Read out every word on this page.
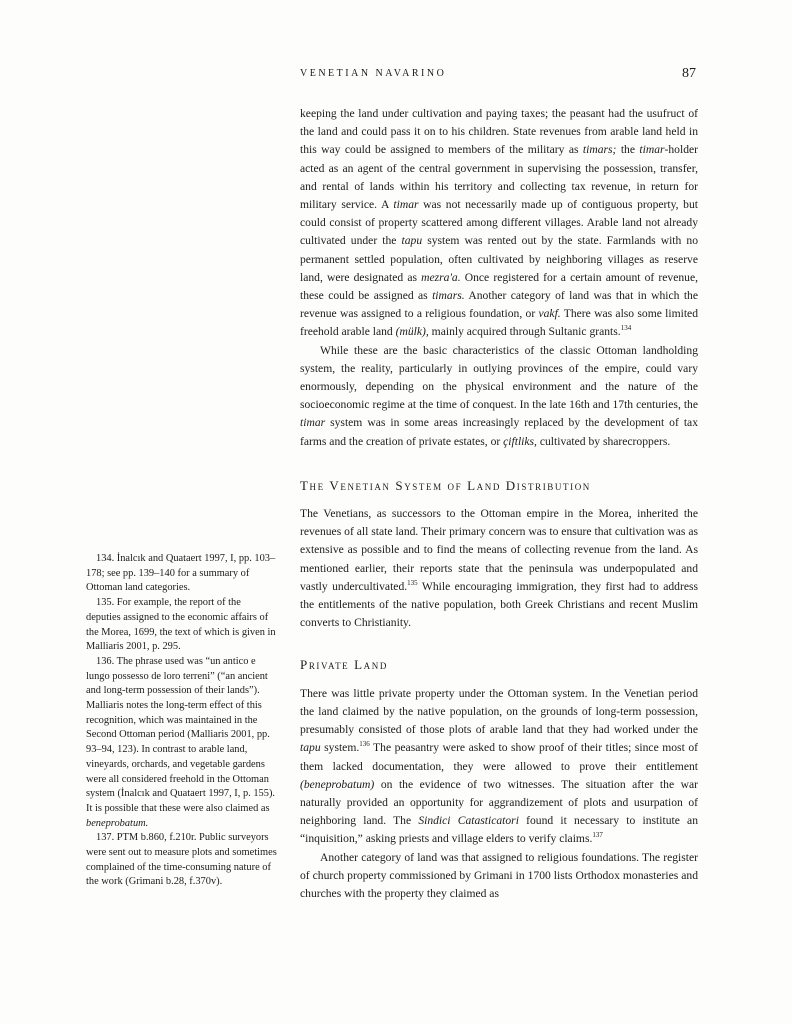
VENETIAN NAVARINO	87

keeping the land under cultivation and paying taxes; the peasant had the usufruct of the land and could pass it on to his children. State revenues from arable land held in this way could be assigned to members of the military as timars; the timar-holder acted as an agent of the central government in supervising the possession, transfer, and rental of lands within his territory and collecting tax revenue, in return for military service. A timar was not necessarily made up of contiguous property, but could consist of property scattered among different villages. Arable land not already cultivated under the tapu system was rented out by the state. Farmlands with no permanent settled population, often cultivated by neighboring villages as reserve land, were designated as mezra'a. Once registered for a certain amount of revenue, these could be assigned as timars. Another category of land was that in which the revenue was assigned to a religious foundation, or vakf. There was also some limited freehold arable land (mülk), mainly acquired through Sultanic grants.$^{134}$

While these are the basic characteristics of the classic Ottoman landholding system, the reality, particularly in outlying provinces of the empire, could vary enormously, depending on the physical environment and the nature of the socioeconomic regime at the time of conquest. In the late 16th and 17th centuries, the timar system was in some areas increasingly replaced by the development of tax farms and the creation of private estates, or çiftliks, cultivated by sharecroppers.

The Venetian System of Land Distribution

The Venetians, as successors to the Ottoman empire in the Morea, inherited the revenues of all state land. Their primary concern was to ensure that cultivation was as extensive as possible and to find the means of collecting revenue from the land. As mentioned earlier, their reports state that the peninsula was underpopulated and vastly undercultivated.$^{135}$ While encouraging immigration, they first had to address the entitlements of the native population, both Greek Christians and recent Muslim converts to Christianity.

Private Land

There was little private property under the Ottoman system. In the Venetian period the land claimed by the native population, on the grounds of long-term possession, presumably consisted of those plots of arable land that they had worked under the tapu system.$^{136}$ The peasantry were asked to show proof of their titles; since most of them lacked documentation, they were allowed to prove their entitlement (beneprobatum) on the evidence of two witnesses. The situation after the war naturally provided an opportunity for aggrandizement of plots and usurpation of neighboring land. The Sindici Catasticatori found it necessary to institute an “inquisition,” asking priests and village elders to verify claims.$^{137}$

Another category of land was that assigned to religious foundations. The register of church property commissioned by Grimani in 1700 lists Orthodox monasteries and churches with the property they claimed as

134. İnalcık and Quataert 1997, I, pp. 103–178; see pp. 139–140 for a summary of Ottoman land categories.

135. For example, the report of the deputies assigned to the economic affairs of the Morea, 1699, the text of which is given in Malliaris 2001, p. 295.

136. The phrase used was “un antico e lungo possesso de loro terreni” (“an ancient and long-term possession of their lands”). Malliaris notes the long-term effect of this recognition, which was maintained in the Second Ottoman period (Malliaris 2001, pp. 93–94, 123). In contrast to arable land, vineyards, orchards, and vegetable gardens were all considered freehold in the Ottoman system (İnalcık and Quataert 1997, I, p. 155). It is possible that these were also claimed as beneprobatum.

137. PTM b.860, f.210r. Public surveyors were sent out to measure plots and sometimes complained of the time-consuming nature of the work (Grimani b.28, f.370v).
